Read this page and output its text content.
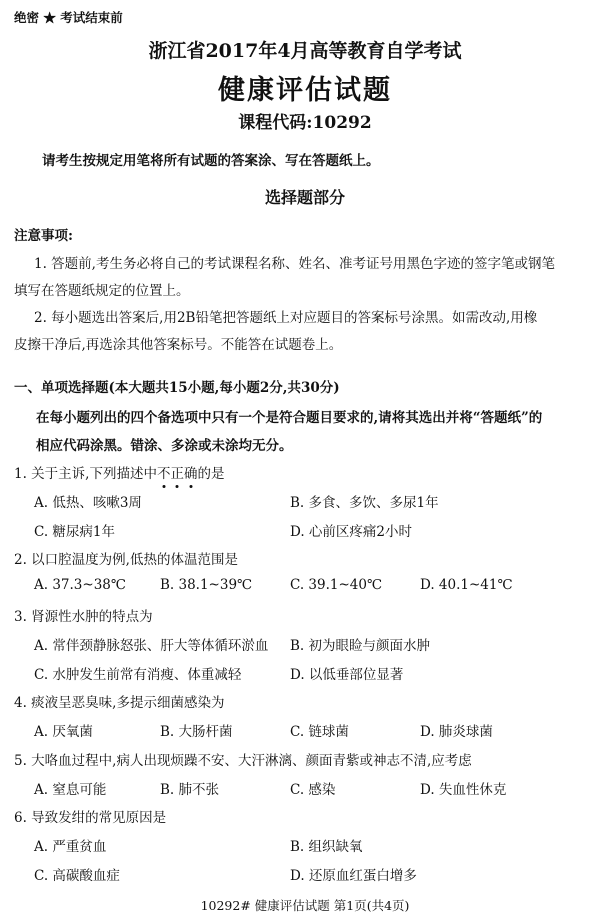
绝密 ★ 考试结束前
浙江省2017年4月高等教育自学考试
健康评估试题
课程代码:10292
请考生按规定用笔将所有试题的答案涂、写在答题纸上。
选择题部分
注意事项:
1. 答题前,考生务必将自己的考试课程名称、姓名、准考证号用黑色字迹的签字笔或钢笔
填写在答题纸规定的位置上。
2. 每小题选出答案后,用2B铅笔把答题纸上对应题目的答案标号涂黑。如需改动,用橡
皮擦干净后,再选涂其他答案标号。不能答在试题卷上。
一、单项选择题(本大题共15小题,每小题2分,共30分)
在每小题列出的四个备选项中只有一个是符合题目要求的,请将其选出并将“答题纸”的
相应代码涂黑。错涂、多涂或未涂均无分。
1. 关于主诉,下列描述中不正确的是
A. 低热、咳嗽3周	B. 多食、多饮、多尿1年
C. 糖尿病1年	D. 心前区疼痛2小时
2. 以口腔温度为例,低热的体温范围是
A. 37.3~38℃	B. 38.1~39℃	C. 39.1~40℃	D. 40.1~41℃
3. 肾源性水肿的特点为
A. 常伴颈静脉怒张、肝大等体循环淤血 B. 初为眼睑与颜面水肿
C. 水肿发生前常有消瘦、体重减轻	D. 以低垂部位显著
4. 痰液呈恶臭味,多提示细菌感染为
A. 厌氧菌	B. 大肠杆菌	C. 链球菌	D. 肺炎球菌
5. 大咯血过程中,病人出现烦躁不安、大汗淋漓、颜面青紫或神志不清,应考虑
A. 窒息可能	B. 肺不张	C. 感染	D. 失血性休克
6. 导致发绀的常见原因是
A. 严重贫血	B. 组织缺氧
C. 高碳酸血症	D. 还原血红蛋白增多
10292# 健康评估试题 第1页(共4页)
